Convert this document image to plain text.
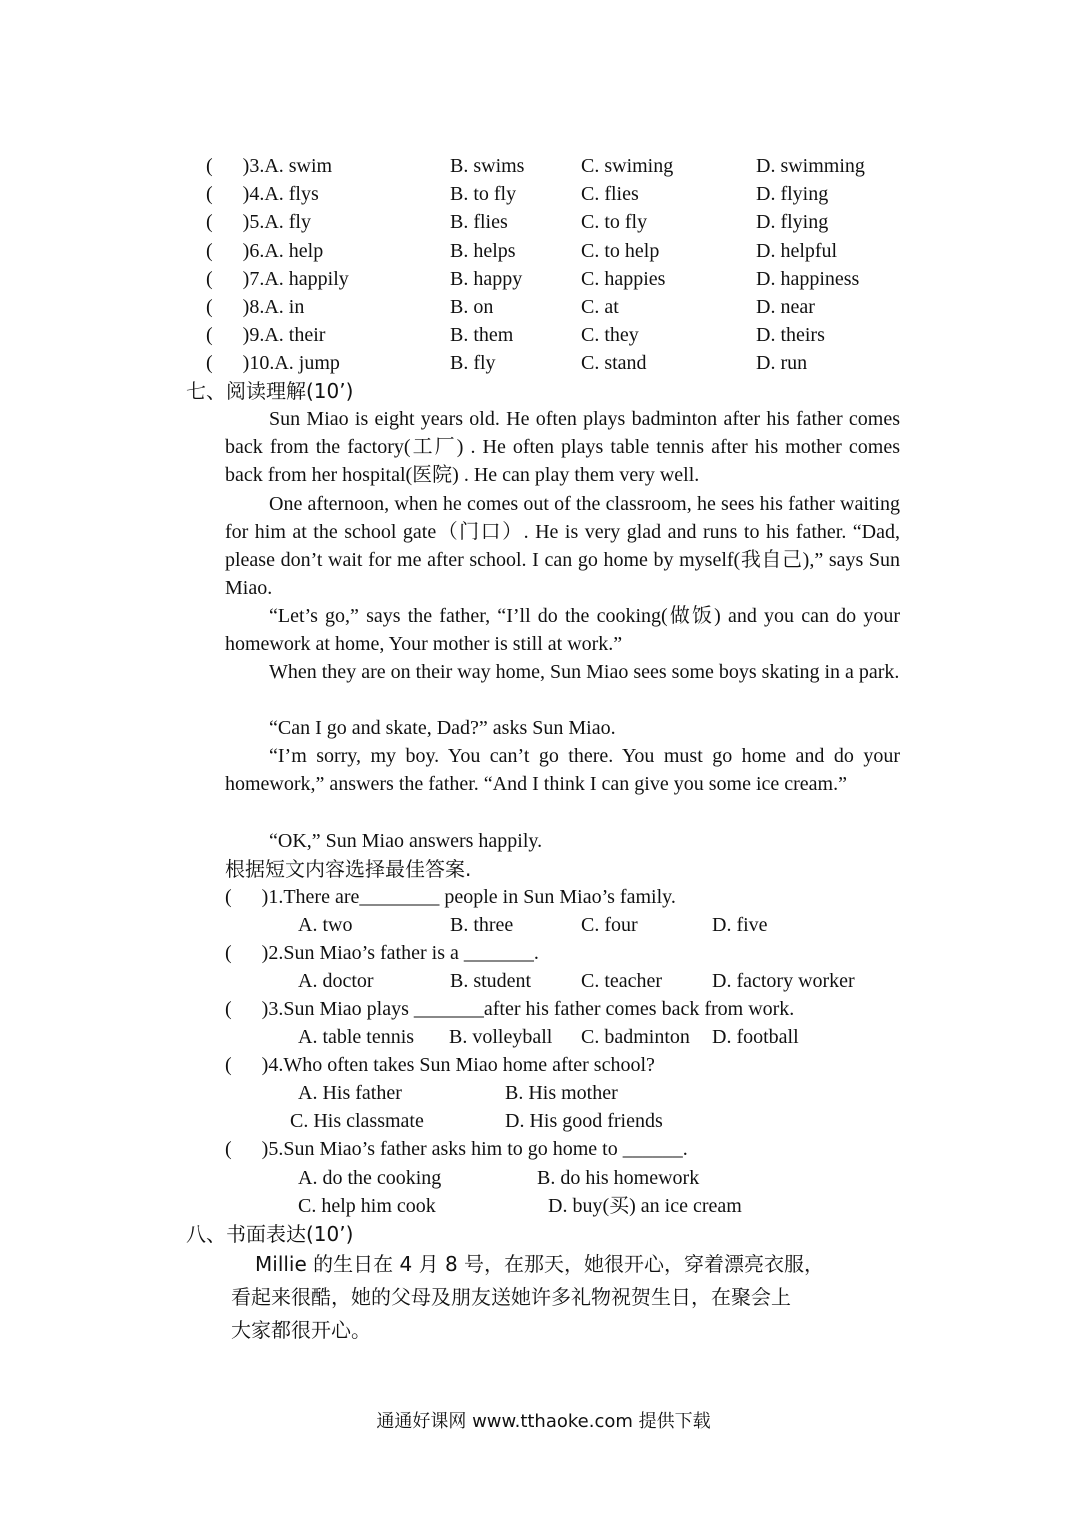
(      )3.A. swim	B. swims	C. swiming	D. swimming
(      )4.A. flys	B. to fly	C. flies	D. flying
(      )5.A. fly	B. flies	C. to fly	D. flying
(      )6.A. help	B. helps	C. to help	D. helpful
(      )7.A. happily	B. happy	C. happies	D. happiness
(      )8.A. in	B. on	C. at	D. near
(      )9.A. their	B. them	C. they	D. theirs
(      )10.A. jump	B. fly	C. stand	D. run
七、阅读理解(10’)

Sun Miao is eight years old. He often plays badminton after his father comes back from the factory(工厂) . He often plays table tennis after his mother comes back from her hospital(医院) . He can play them very well.

One afternoon, when he comes out of the classroom, he sees his father waiting for him at the school gate（门口）. He is very glad and runs to his father. “Dad, please don’t wait for me after school. I can go home by myself(我自己),” says Sun Miao.

“Let’s go,” says the father, “I’ll do the cooking(做饭) and you can do your homework at home, Your mother is still at work.”

When they are on their way home, Sun Miao sees some boys skating in a park.

“Can I go and skate, Dad?” asks Sun Miao.

“I’m sorry, my boy. You can’t go there. You must go home and do your homework,” answers the father. “And I think I can give you some ice cream.”

“OK,” Sun Miao answers happily.

根据短文内容选择最佳答案.
(      )1.There are________ people in Sun Miao’s family.

A. two

	B. three

	C. four

	D. five

(      )2.Sun Miao’s father is a _______.

A. doctor

	B. student

C. teacher

D. factory worker

(      )3.Sun Miao plays _______after his father comes back from work.

A. table tennis

B. volleyball

C. badminton

D. football

(      )4.Who often takes Sun Miao home after school?

A. His father

	B. His mother

C. His classmate

	D. His good friends

(      )5.Sun Miao’s father asks him to go home to ______.

A. do the cooking

	B. do his homework

C. help him cook

	D. buy(买) an ice cream

八、书面表达(10’)
Millie 的生日在 4 月 8 号，在那天，她很开心，穿着漂亮衣服，
看起来很酷，她的父母及朋友送她许多礼物祝贺生日，在聚会上
大家都很开心。
通通好课网 www.tthaoke.com 提供下载
